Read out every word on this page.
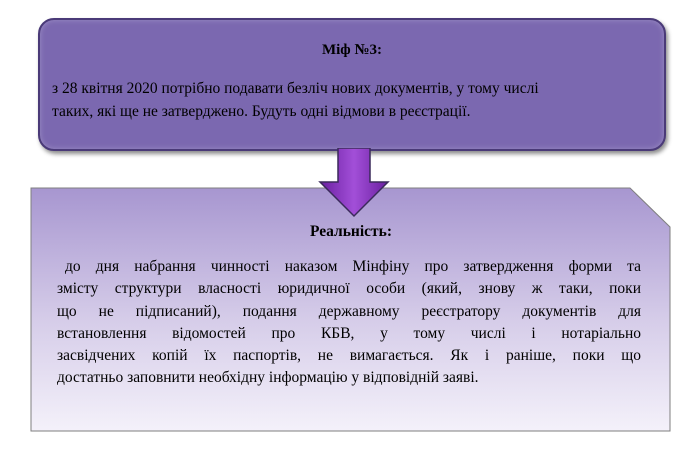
Міф №3:
з 28 квітня 2020 потрібно подавати безліч нових документів, у тому числі
таких, які ще не затверджено. Будуть одні відмови в реєстрації.
Реальність:
до дня набрання чинності наказом Мінфіну про затвердження форми та
змісту структури власності юридичної особи (який, знову ж таки, поки
що не підписаний), подання державному реєстратору документів для
встановлення відомостей про КБВ, у тому числі і нотаріально
засвідчених копій їх паспортів, не вимагається. Як і раніше, поки що
достатньо заповнити необхідну інформацію у відповідній заяві.
